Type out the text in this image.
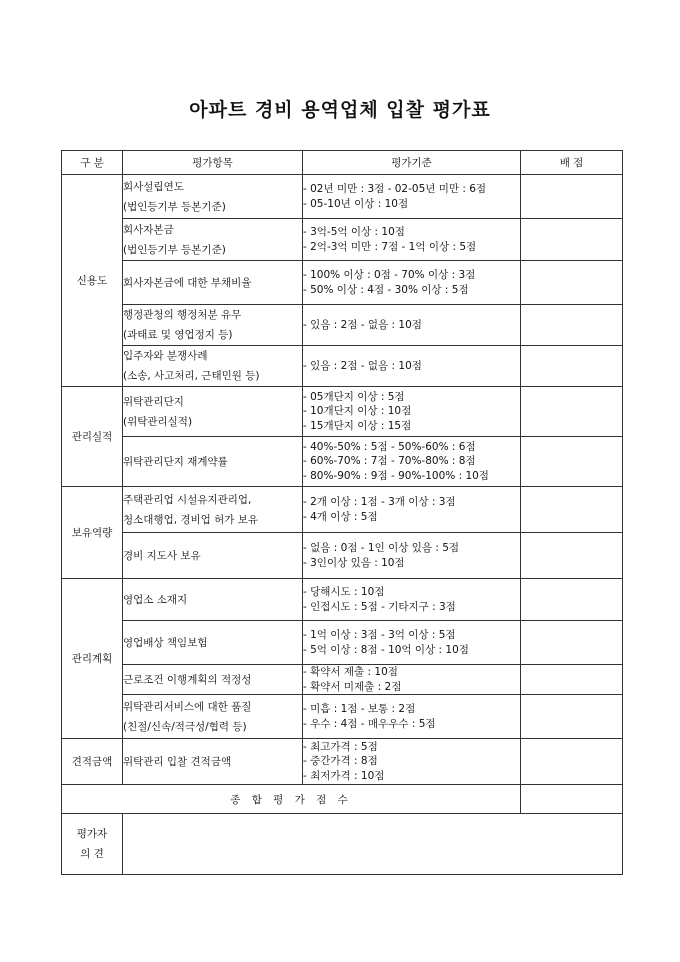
아파트 경비 용역업체 입찰 평가표
구 분	평가항목	평가기준	배 점
신용도	회사설립연도
(법인등기부 등본기준)	- 02년 미만 : 3점 - 02-05년 미만 : 6점
- 05-10년 이상 : 10점	

	회사자본금
(법인등기부 등본기준)	- 3억-5억 이상 : 10점
- 2억-3억 미만 : 7점 - 1억 이상 : 5점	

	회사자본금에 대한 부채비율	- 100% 이상 : 0점 - 70% 이상 : 3점
- 50% 이상 : 4점 - 30% 이상 : 5점	

	행정관청의 행정처분 유무
(과태료 및 영업정지 등)	- 있음 : 2점 - 없음 : 10점	

	입주자와 분쟁사례
(소송, 사고처리, 근태민원 등)	- 있음 : 2점 - 없음 : 10점	

관리실적	위탁관리단지
(위탁관리실적)	- 05개단지 이상 : 5점
- 10개단지 이상 : 10점
- 15개단지 이상 : 15점	

	위탁관리단지 재계약률	- 40%-50% : 5점 - 50%-60% : 6점
- 60%-70% : 7점 - 70%-80% : 8점
- 80%-90% : 9점 - 90%-100% : 10점	

보유역량	주택관리업 시설유지관리업,
청소대행업, 경비업 허가 보유	- 2개 이상 : 1점 - 3개 이상 : 3점
- 4개 이상 : 5점	

	경비 지도사 보유	- 없음 : 0점 - 1인 이상 있음 : 5점
- 3인이상 있음 : 10점	

관리계획	영업소 소재지	- 당해시도 : 10점
- 인접시도 : 5점 - 기타지구 : 3점	

	영업배상 책임보험	- 1억 이상 : 3점 - 3억 이상 : 5점
- 5억 이상 : 8점 - 10억 이상 : 10점	

	근로조건 이행계획의 적정성	- 확약서 제출 : 10점
- 확약서 미제출 : 2점	

	위탁관리서비스에 대한 품질
(친절/신속/적극성/협력 등)	- 미흡 : 1점 - 보통 : 2점
- 우수 : 4점 - 매우우수 : 5점	

견적금액	위탁관리 입찰 견적금액	- 최고가격 : 5점
- 중간가격 : 8점
- 최저가격 : 10점	

종 합 평 가 점 수			

평가자
의 견			
